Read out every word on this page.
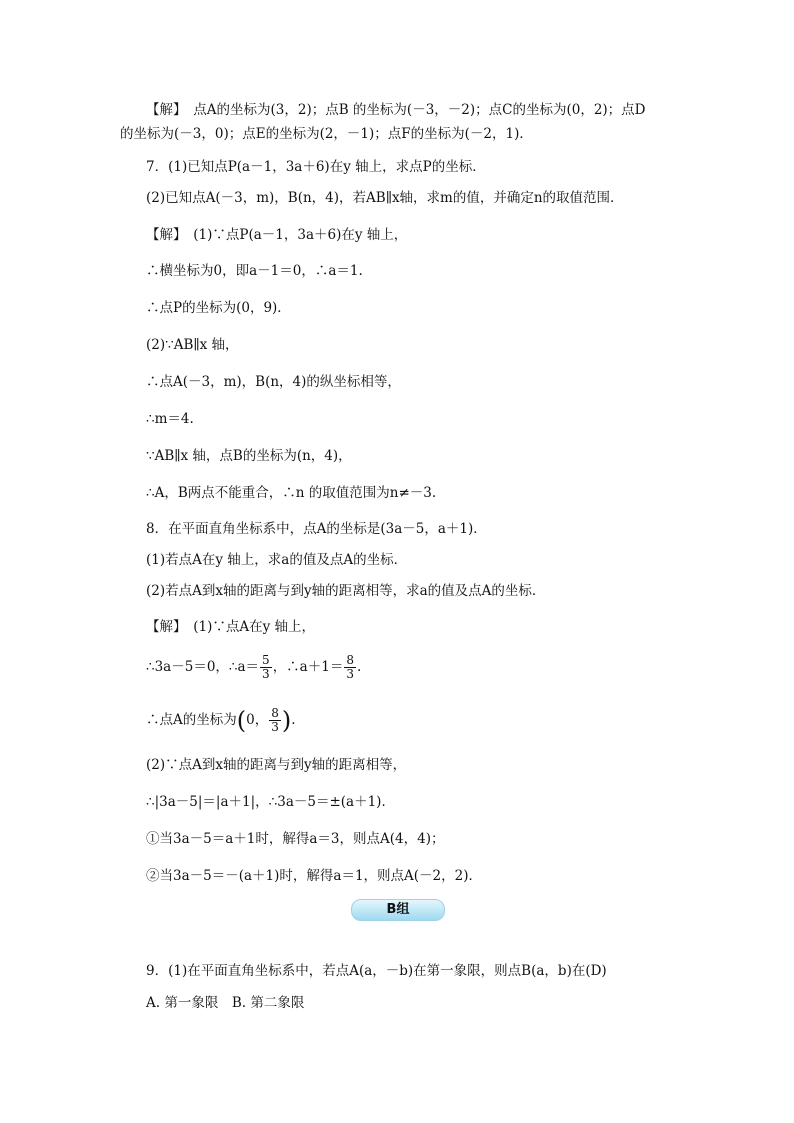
【解】　点A的坐标为(3，2)；点B 的坐标为(－3，－2)；点C的坐标为(0，2)；点D
的坐标为(－3，0)；点E的坐标为(2，－1)；点F的坐标为(－2，1)．
7．(1)已知点P(a－1，3a＋6)在y 轴上，求点P的坐标．
(2)已知点A(－3，m)，B(n，4)，若AB∥x轴，求m的值，并确定n的取值范围．
【解】　(1)∵点P(a－1，3a＋6)在y 轴上，
∴横坐标为0，即a－1＝0，∴a＝1.
∴点P的坐标为(0，9)．
(2)∵AB∥x 轴，
∴点A(－3，m)，B(n，4)的纵坐标相等，
∴m＝4.
∵AB∥x 轴，点B的坐标为(n，4)，
∴A，B两点不能重合，∴n 的取值范围为n≠－3.
8．在平面直角坐标系中，点A的坐标是(3a－5，a＋1)．
(1)若点A在y 轴上，求a的值及点A的坐标．
(2)若点A到x轴的距离与到y轴的距离相等，求a的值及点A的坐标．
【解】　(1)∵点A在y 轴上，
∴3a－5＝0，∴a＝ $\frac{5}{3}$ ，∴a＋1＝ $\frac{8}{3}$ .
∴点A的坐标为(0， $\frac{8}{3}$ ).
(2)∵点A到x轴的距离与到y轴的距离相等，
∴|3a－5|＝|a＋1|，∴3a－5＝±(a＋1)．
①当3a－5＝a＋1时，解得a＝3，则点A(4，4)；
②当3a－5＝－(a＋1)时，解得a＝1，则点A(－2，2)．
B组
9．(1)在平面直角坐标系中，若点A(a，－b)在第一象限，则点B(a，b)在(D)
A. 第一象限　B. 第二象限
